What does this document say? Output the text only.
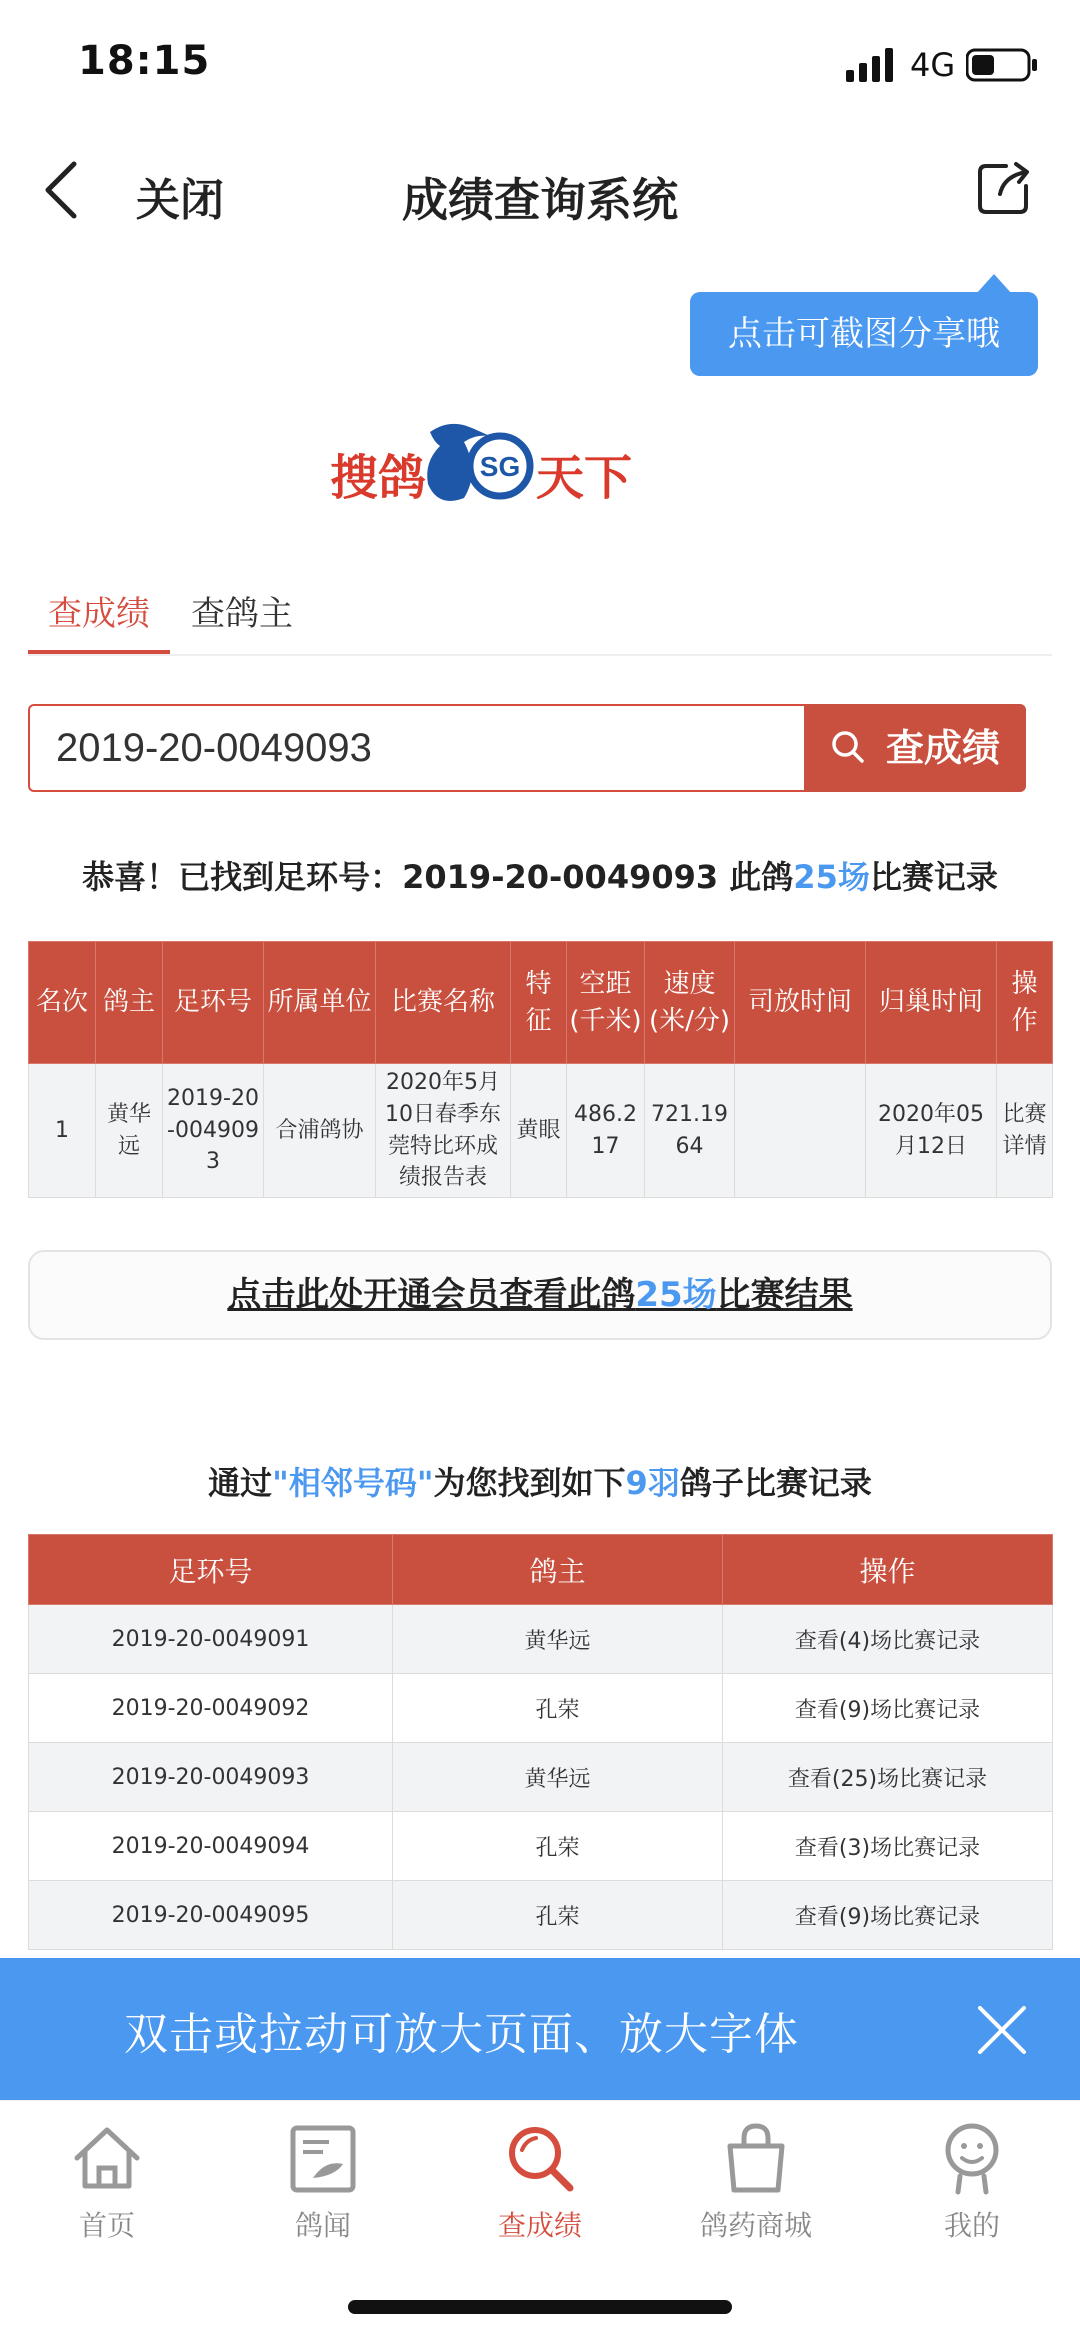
18:15	4G
关闭	成绩查询系统
点击可截图分享哦
搜鸽 SG 天下
查成绩	查鸽主
2019-20-0049093
查成绩
恭喜！已找到足环号：2019-20-0049093 此鸽25场比赛记录
名次	鸽主	足环号	所属单位	比赛名称	特征	空距(千米)	速度(米/分)	司放时间	归巢时间	操作
1	黄华远	2019-20-0049093	合浦鸽协	2020年5月10日春季东莞特比环成绩报告表	黄眼	486.217	721.1964		2020年05月12日	比赛详情
点击此处开通会员查看此鸽25场比赛结果
通过"相邻号码"为您找到如下9羽鸽子比赛记录
足环号	鸽主	操作
2019-20-0049091	黄华远	查看(4)场比赛记录
2019-20-0049092	孔荣	查看(9)场比赛记录
2019-20-0049093	黄华远	查看(25)场比赛记录
2019-20-0049094	孔荣	查看(3)场比赛记录
2019-20-0049095	孔荣	查看(9)场比赛记录
双击或拉动可放大页面、放大字体
首页	鸽闻	查成绩	鸽药商城	我的
